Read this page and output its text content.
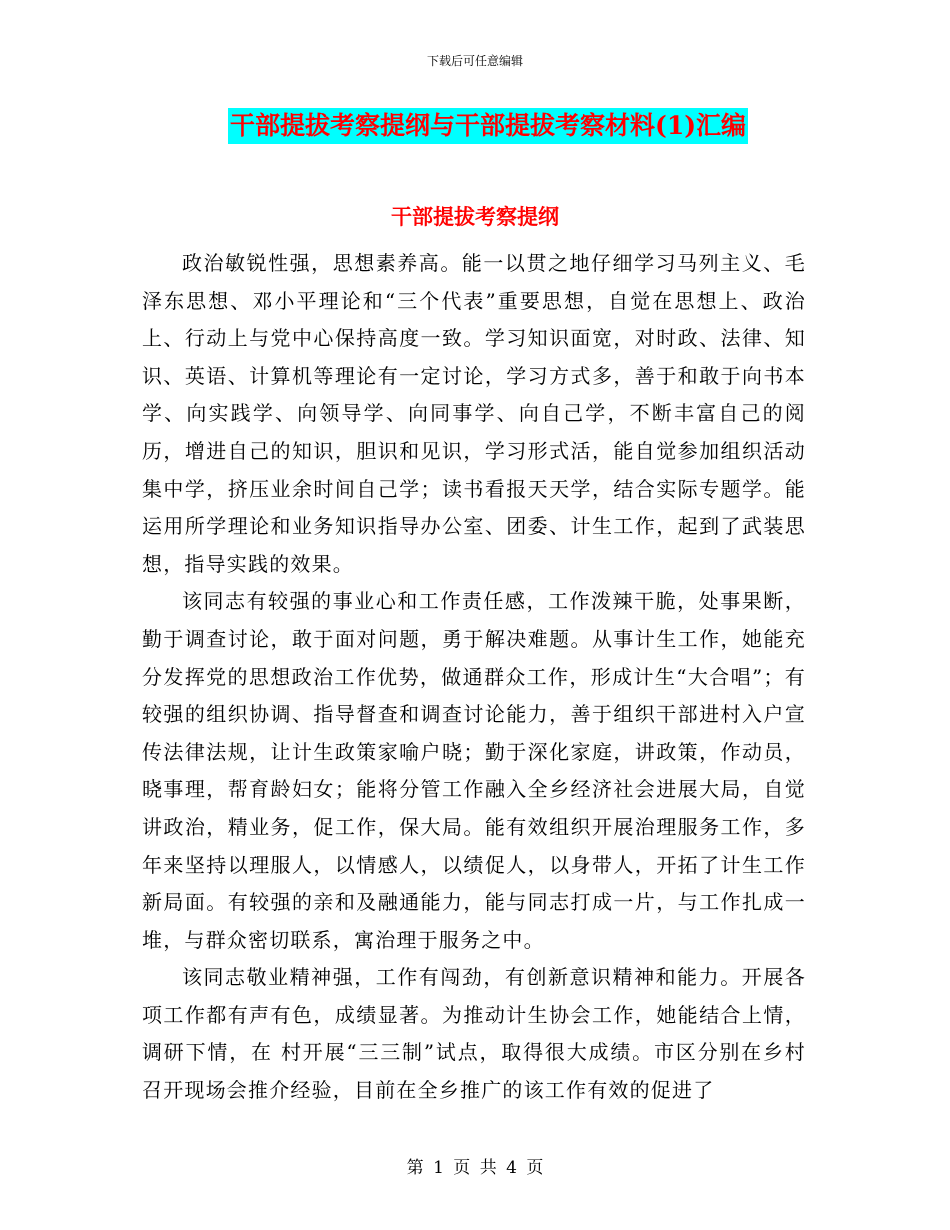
下载后可任意编辑
干部提拔考察提纲与干部提拔考察材料(1)汇编
干部提拔考察提纲

政治敏锐性强，思想素养高。能一以贯之地仔细学习马列主义、毛泽东思想、邓小平理论和“三个代表”重要思想，自觉在思想上、政治上、行动上与党中心保持高度一致。学习知识面宽，对时政、法律、知识、英语、计算机等理论有一定讨论，学习方式多，善于和敢于向书本学、向实践学、向领导学、向同事学、向自己学，不断丰富自己的阅历，增进自己的知识，胆识和见识，学习形式活，能自觉参加组织活动集中学，挤压业余时间自己学；读书看报天天学，结合实际专题学。能运用所学理论和业务知识指导办公室、团委、计生工作，起到了武装思想，指导实践的效果。

该同志有较强的事业心和工作责任感，工作泼辣干脆，处事果断，勤于调查讨论，敢于面对问题，勇于解决难题。从事计生工作，她能充分发挥党的思想政治工作优势，做通群众工作，形成计生“大合唱”；有较强的组织协调、指导督查和调查讨论能力，善于组织干部进村入户宣传法律法规，让计生政策家喻户晓；勤于深化家庭，讲政策，作动员，晓事理，帮育龄妇女；能将分管工作融入全乡经济社会进展大局，自觉讲政治，精业务，促工作，保大局。能有效组织开展治理服务工作，多年来坚持以理服人，以情感人，以绩促人，以身带人，开拓了计生工作新局面。有较强的亲和及融通能力，能与同志打成一片，与工作扎成一堆，与群众密切联系，寓治理于服务之中。

该同志敬业精神强，工作有闯劲，有创新意识精神和能力。开展各项工作都有声有色，成绩显著。为推动计生协会工作，她能结合上情，调研下情，在 村开展“三三制”试点，取得很大成绩。市区分别在乡村召开现场会推介经验，目前在全乡推广的该工作有效的促进了

第 1 页 共 4 页
